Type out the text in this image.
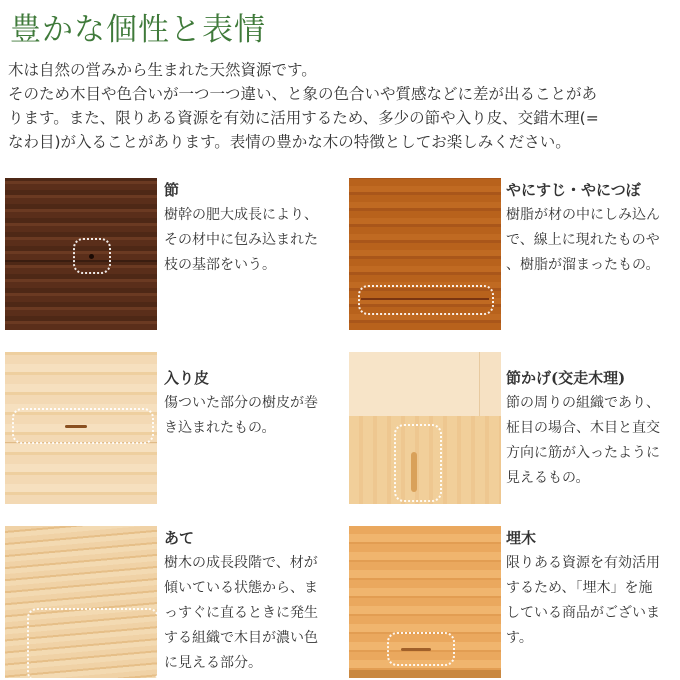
豊かな個性と表情
木は自然の営みから生まれた天然資源です。
そのため木目や色合いが一つ一つ違い、と象の色合いや質感などに差が出ることがあ
ります。また、限りある資源を有効に活用するため、多少の節や入り皮、交錯木理(=
なわ目)が入ることがあります。表情の豊かな木の特徴としてお楽しみください。
節
樹幹の肥大成長により、
その材中に包み込まれた
枝の基部をいう。
やにすじ・やにつぼ
樹脂が材の中にしみ込ん
で、線上に現れたものや
、樹脂が溜まったもの。
入り皮
傷ついた部分の樹皮が巻
き込まれたもの。
節かげ(交走木理)
節の周りの組織であり、
柾目の場合、木目と直交
方向に筋が入ったように
見えるもの。
あて
樹木の成長段階で、材が
傾いている状態から、ま
っすぐに直るときに発生
する組織で木目が濃い色
に見える部分。
埋木
限りある資源を有効活用
するため、「埋木」を施
している商品がございま
す。
